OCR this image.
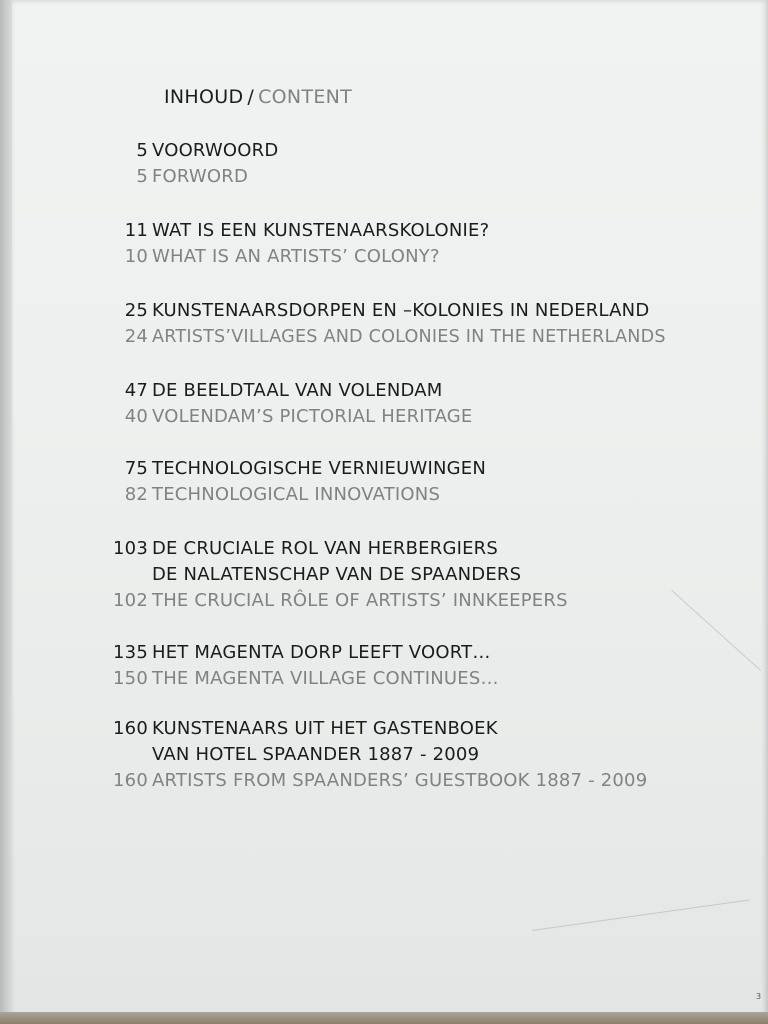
INHOUD / CONTENT
5 VOORWOORD
5 FORWORD
11 WAT IS EEN KUNSTENAARSKOLONIE?
10 WHAT IS AN ARTISTS’ COLONY?
25 KUNSTENAARSDORPEN EN –KOLONIES IN NEDERLAND
24 ARTISTS’VILLAGES AND COLONIES IN THE NETHERLANDS
47 DE BEELDTAAL VAN VOLENDAM
40 VOLENDAM’S PICTORIAL HERITAGE
75 TECHNOLOGISCHE VERNIEUWINGEN
82 TECHNOLOGICAL INNOVATIONS
103 DE CRUCIALE ROL VAN HERBERGIERS
DE NALATENSCHAP VAN DE SPAANDERS
102 THE CRUCIAL RÔLE OF ARTISTS’ INNKEEPERS
135 HET MAGENTA DORP LEEFT VOORT…
150 THE MAGENTA VILLAGE CONTINUES…
160 KUNSTENAARS UIT HET GASTENBOEK
VAN HOTEL SPAANDER 1887 - 2009
160 ARTISTS FROM SPAANDERS’ GUESTBOOK 1887 - 2009
3
